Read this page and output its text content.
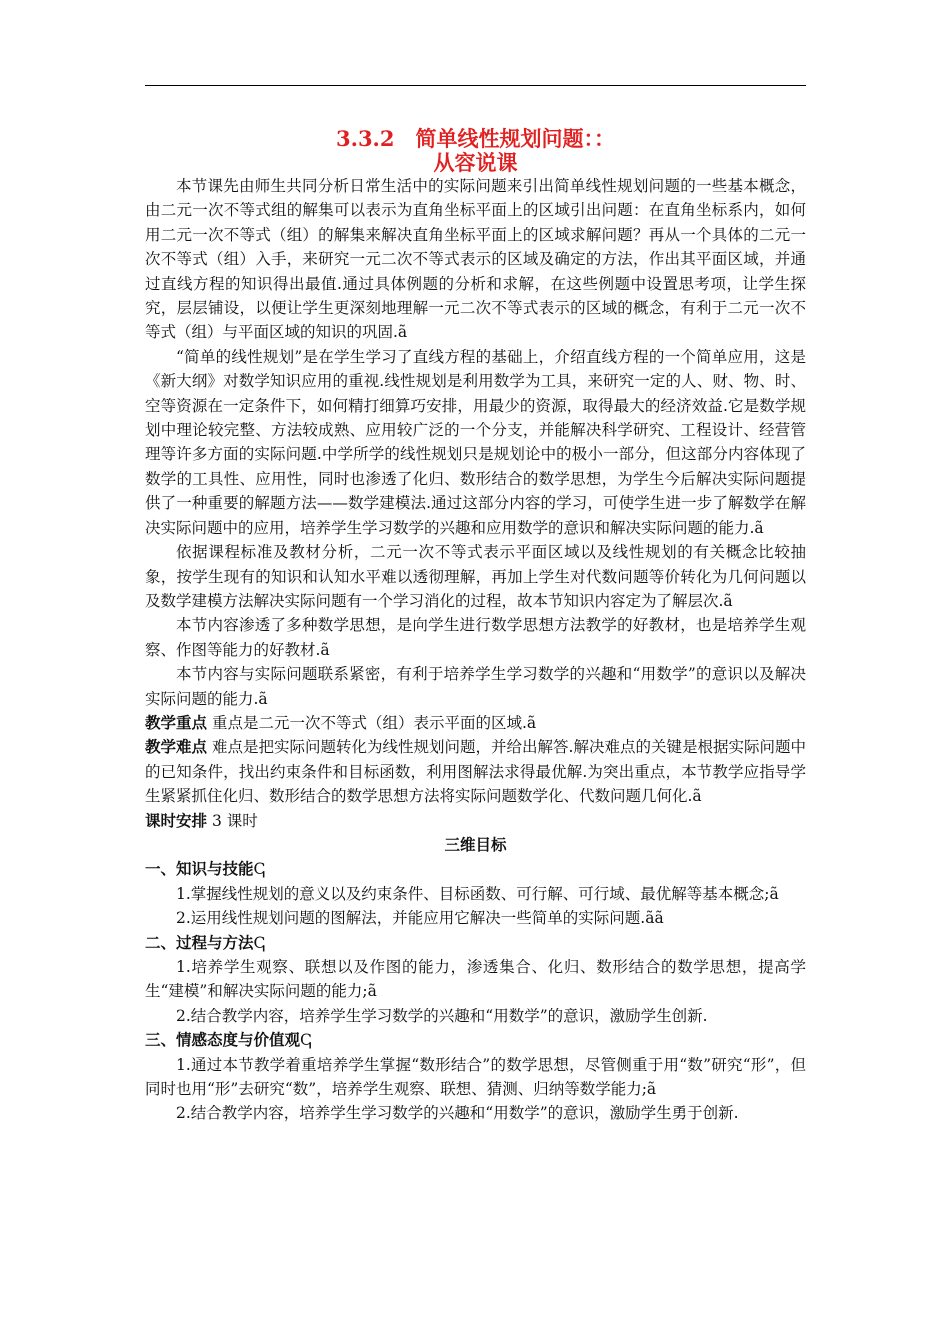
3.3.2　简单线性规划问题：：
从容说课

本节课先由师生共同分析日常生活中的实际问题来引出简单线性规划问题的一些基本概念，由二元一次不等式组的解集可以表示为直角坐标平面上的区域引出问题：在直角坐标系内，如何用二元一次不等式（组）的解集来解决直角坐标平面上的区域求解问题？再从一个具体的二元一次不等式（组）入手，来研究一元二次不等式表示的区域及确定的方法，作出其平面区域，并通过直线方程的知识得出最值.通过具体例题的分析和求解，在这些例题中设置思考项，让学生探究，层层铺设，以便让学生更深刻地理解一元二次不等式表示的区域的概念，有利于二元一次不等式（组）与平面区域的知识的巩固.ã

“简单的线性规划”是在学生学习了直线方程的基础上，介绍直线方程的一个简单应用，这是《新大纲》对数学知识应用的重视.线性规划是利用数学为工具，来研究一定的人、财、物、时、空等资源在一定条件下，如何精打细算巧安排，用最少的资源，取得最大的经济效益.它是数学规划中理论较完整、方法较成熟、应用较广泛的一个分支，并能解决科学研究、工程设计、经营管理等许多方面的实际问题.中学所学的线性规划只是规划论中的极小一部分，但这部分内容体现了数学的工具性、应用性，同时也渗透了化归、数形结合的数学思想，为学生今后解决实际问题提供了一种重要的解题方法——数学建模法.通过这部分内容的学习，可使学生进一步了解数学在解决实际问题中的应用，培养学生学习数学的兴趣和应用数学的意识和解决实际问题的能力.ã

依据课程标准及教材分析，二元一次不等式表示平面区域以及线性规划的有关概念比较抽象，按学生现有的知识和认知水平难以透彻理解，再加上学生对代数问题等价转化为几何问题以及数学建模方法解决实际问题有一个学习消化的过程，故本节知识内容定为了解层次.ã

本节内容渗透了多种数学思想，是向学生进行数学思想方法教学的好教材，也是培养学生观察、作图等能力的好教材.ã

本节内容与实际问题联系紧密，有利于培养学生学习数学的兴趣和“用数学”的意识以及解决实际问题的能力.ã

教学重点 重点是二元一次不等式（组）表示平面的区域.ã

教学难点 难点是把实际问题转化为线性规划问题，并给出解答.解决难点的关键是根据实际问题中的已知条件，找出约束条件和目标函数，利用图解法求得最优解.为突出重点，本节教学应指导学生紧紧抓住化归、数形结合的数学思想方法将实际问题数学化、代数问题几何化.ã

课时安排 3 课时

三维目标

一、知识与技能ↅ

1.掌握线性规划的意义以及约束条件、目标函数、可行解、可行域、最优解等基本概念;ã

2.运用线性规划问题的图解法，并能应用它解决一些简单的实际问题.ãã

二、过程与方法ↅ

1.培养学生观察、联想以及作图的能力，渗透集合、化归、数形结合的数学思想，提高学生“建模”和解决实际问题的能力;ã

2.结合教学内容，培养学生学习数学的兴趣和“用数学”的意识，激励学生创新.

三、情感态度与价值观ↅ

1.通过本节教学着重培养学生掌握“数形结合”的数学思想，尽管侧重于用“数”研究“形”，但同时也用“形”去研究“数”，培养学生观察、联想、猜测、归纳等数学能力;ã

2.结合教学内容，培养学生学习数学的兴趣和“用数学”的意识，激励学生勇于创新.
